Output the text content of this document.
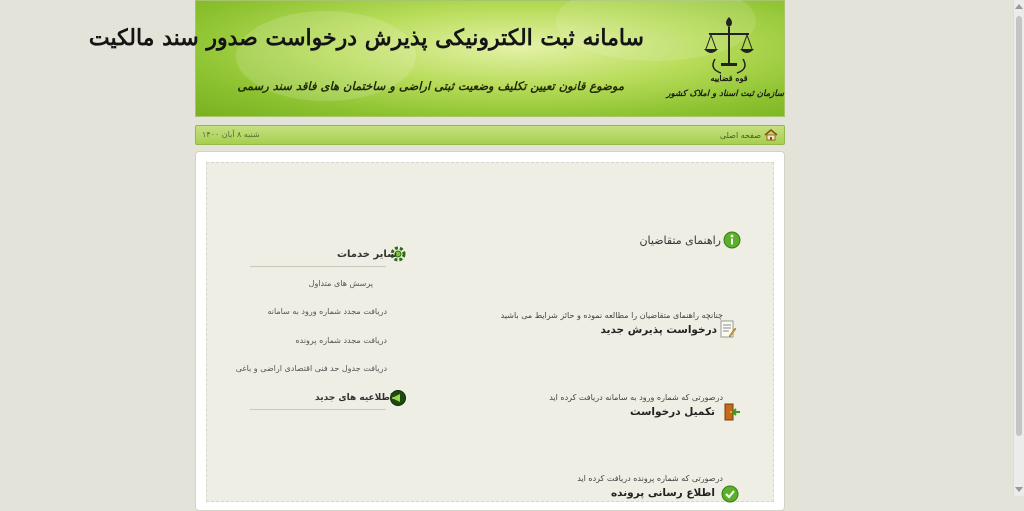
سامانه ثبت الکترونیکی پذیرش درخواست صدور سند مالکیت
موضوع قانون تعیین تکلیف وضعیت ثبتی اراضی و ساختمان های فاقد سند رسمی
قوه قضاییه
سازمان ثبت اسناد و املاک کشور
صفحه اصلی
شنبه ۸ آبان ۱۴۰۰
راهنمای متقاضیان
چنانچه راهنمای متقاضیان را مطالعه نموده و حائز شرایط می باشید
درخواست پذیرش جدید
درصورتی که شماره ورود به سامانه دریافت کرده اید
تکمیل درخواست
درصورتی که شماره پرونده دریافت کرده اید
اطلاع رسانی پرونده
سایر خدمات
پرسش های متداول
دریافت مجدد شماره ورود به سامانه
دریافت مجدد شماره پرونده
دریافت جدول حد فنی اقتصادی اراضی و باغی
اطلاعیه های جدید
